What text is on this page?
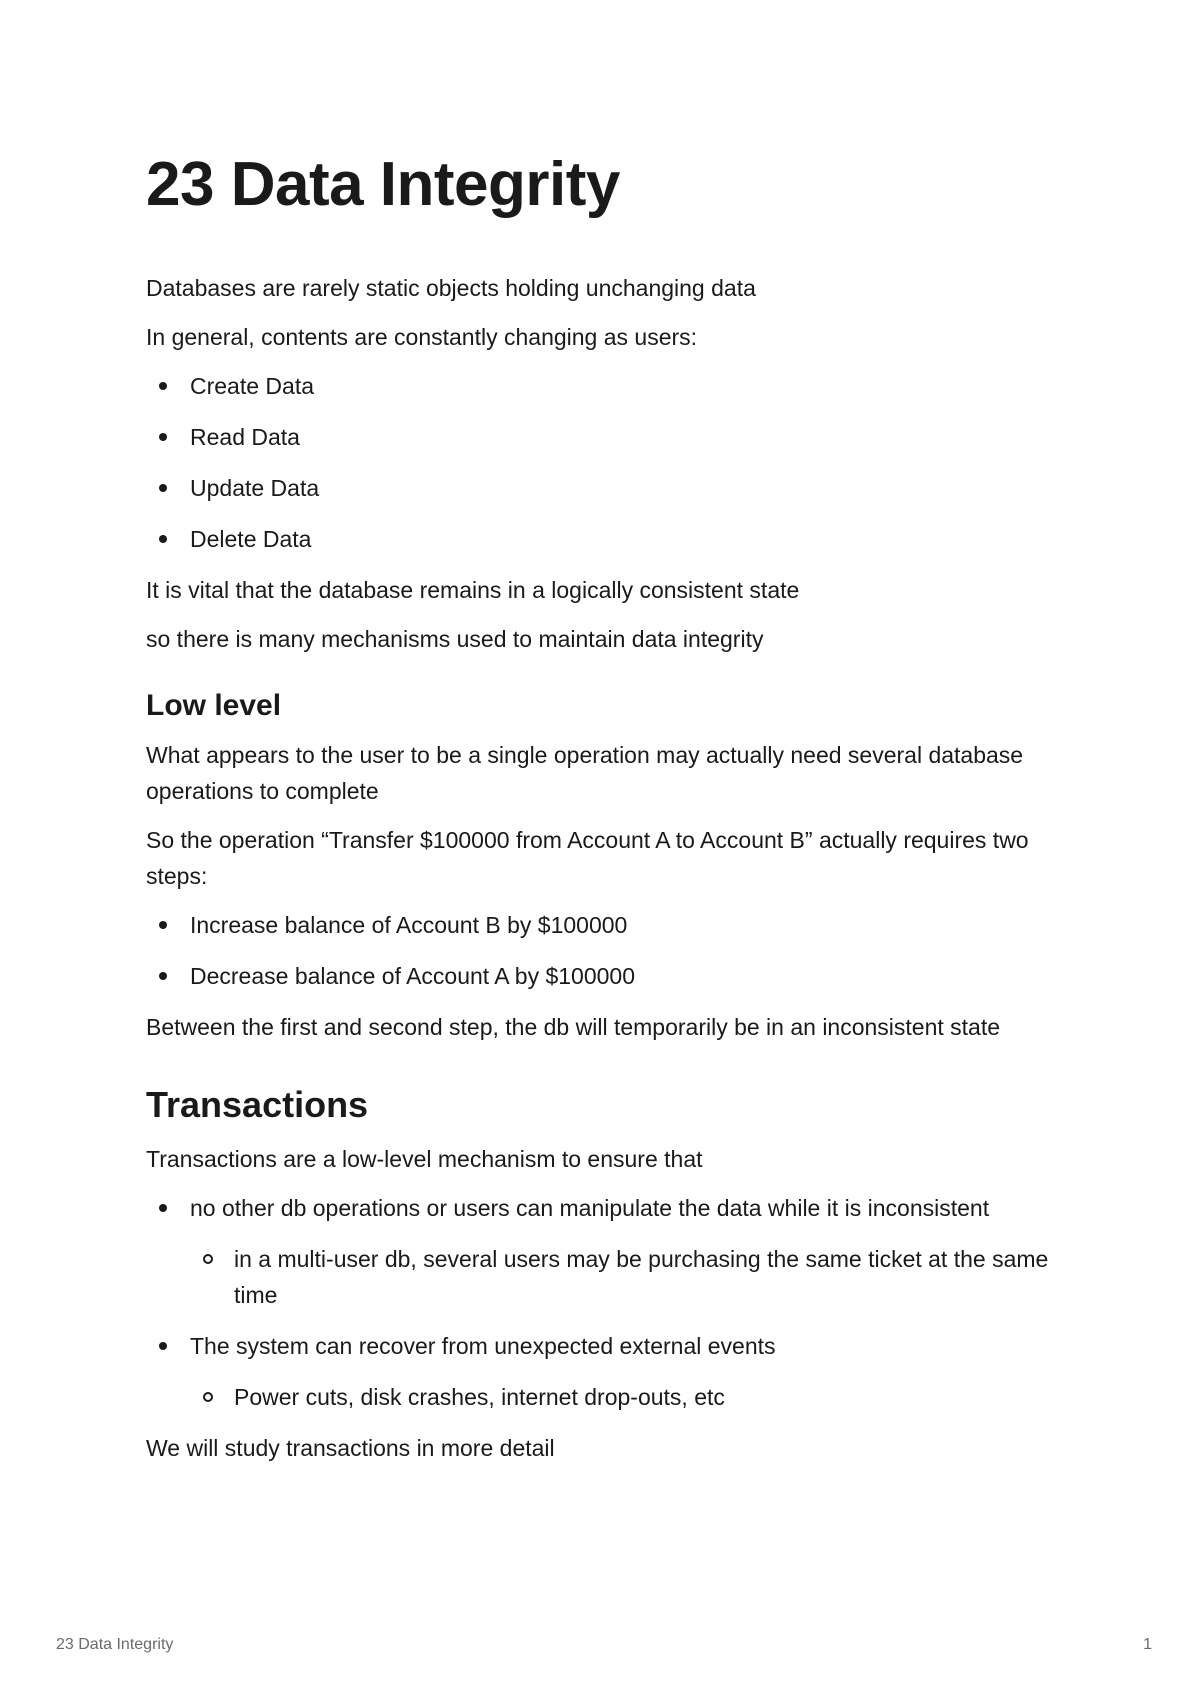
23 Data Integrity

Databases are rarely static objects holding unchanging data

In general, contents are constantly changing as users:

Create Data
Read Data
Update Data
Delete Data

It is vital that the database remains in a logically consistent state

so there is many mechanisms used to maintain data integrity

Low level

What appears to the user to be a single operation may actually need several database operations to complete

So the operation “Transfer $100000 from Account A to Account B” actually requires two steps:

Increase balance of Account B by $100000
Decrease balance of Account A by $100000

Between the first and second step, the db will temporarily be in an inconsistent state

Transactions

Transactions are a low-level mechanism to ensure that

no other db operations or users can manipulate the data while it is inconsistent
in a multi-user db, several users may be purchasing the same ticket at the same time
The system can recover from unexpected external events
Power cuts, disk crashes, internet drop-outs, etc

We will study transactions in more detail

23 Data Integrity	1
